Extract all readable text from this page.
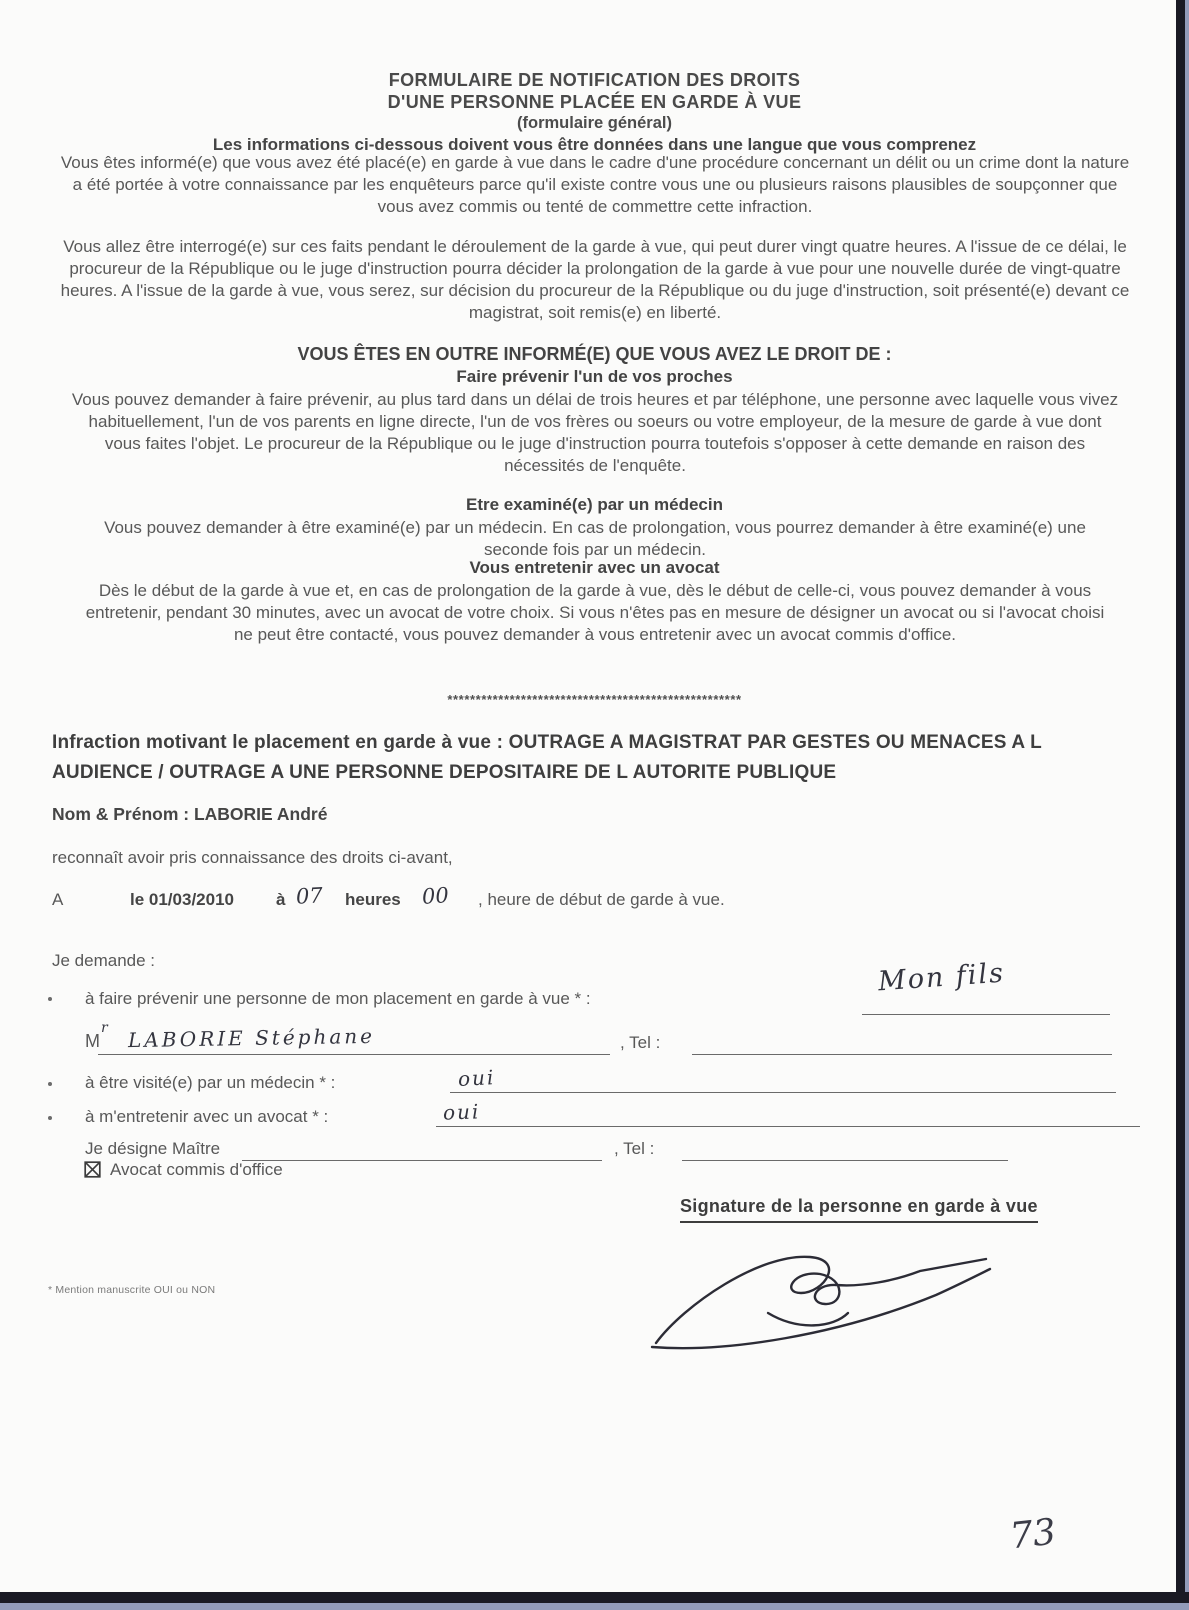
FORMULAIRE DE NOTIFICATION DES DROITS
D'UNE PERSONNE PLACÉE EN GARDE À VUE
(formulaire général)
Les informations ci-dessous doivent vous être données dans une langue que vous comprenez
Vous êtes informé(e) que vous avez été placé(e) en garde à vue dans le cadre d'une procédure concernant un délit ou un crime dont la nature a été portée à votre connaissance par les enquêteurs parce qu'il existe contre vous une ou plusieurs raisons plausibles de soupçonner que vous avez commis ou tenté de commettre cette infraction.
Vous allez être interrogé(e) sur ces faits pendant le déroulement de la garde à vue, qui peut durer vingt quatre heures. A l'issue de ce délai, le procureur de la République ou le juge d'instruction pourra décider la prolongation de la garde à vue pour une nouvelle durée de vingt-quatre heures. A l'issue de la garde à vue, vous serez, sur décision du procureur de la République ou du juge d'instruction, soit présenté(e) devant ce magistrat, soit remis(e) en liberté.
VOUS ÊTES EN OUTRE INFORMÉ(E) QUE VOUS AVEZ LE DROIT DE :
Faire prévenir l'un de vos proches
Vous pouvez demander à faire prévenir, au plus tard dans un délai de trois heures et par téléphone, une personne avec laquelle vous vivez habituellement, l'un de vos parents en ligne directe, l'un de vos frères ou soeurs ou votre employeur, de la mesure de garde à vue dont vous faites l'objet. Le procureur de la République ou le juge d'instruction pourra toutefois s'opposer à cette demande en raison des nécessités de l'enquête.
Etre examiné(e) par un médecin
Vous pouvez demander à être examiné(e) par un médecin. En cas de prolongation, vous pourrez demander à être examiné(e) une seconde fois par un médecin.
Vous entretenir avec un avocat
Dès le début de la garde à vue et, en cas de prolongation de la garde à vue, dès le début de celle-ci, vous pouvez demander à vous entretenir, pendant 30 minutes, avec un avocat de votre choix. Si vous n'êtes pas en mesure de désigner un avocat ou si l'avocat choisi ne peut être contacté, vous pouvez demander à vous entretenir avec un avocat commis d'office.
****************************************************
Infraction motivant le placement en garde à vue : OUTRAGE A MAGISTRAT PAR GESTES OU MENACES A L AUDIENCE / OUTRAGE A UNE PERSONNE DEPOSITAIRE DE L AUTORITE PUBLIQUE
Nom & Prénom : LABORIE André
reconnaît avoir pris connaissance des droits ci-avant,
A	le 01/03/2010 à 07 heures 00 , heure de début de garde à vue.
Je demande :
à faire prévenir une personne de mon placement en garde à vue * :
Mon fils
M
r LABORIE Stéphane	, Tel :
à être visité(e) par un médecin * :	oui
à m'entretenir avec un avocat * :	oui
Je désigne Maître	, Tel :
Avocat commis d'office
Signature de la personne en garde à vue
* Mention manuscrite OUI ou NON
73
